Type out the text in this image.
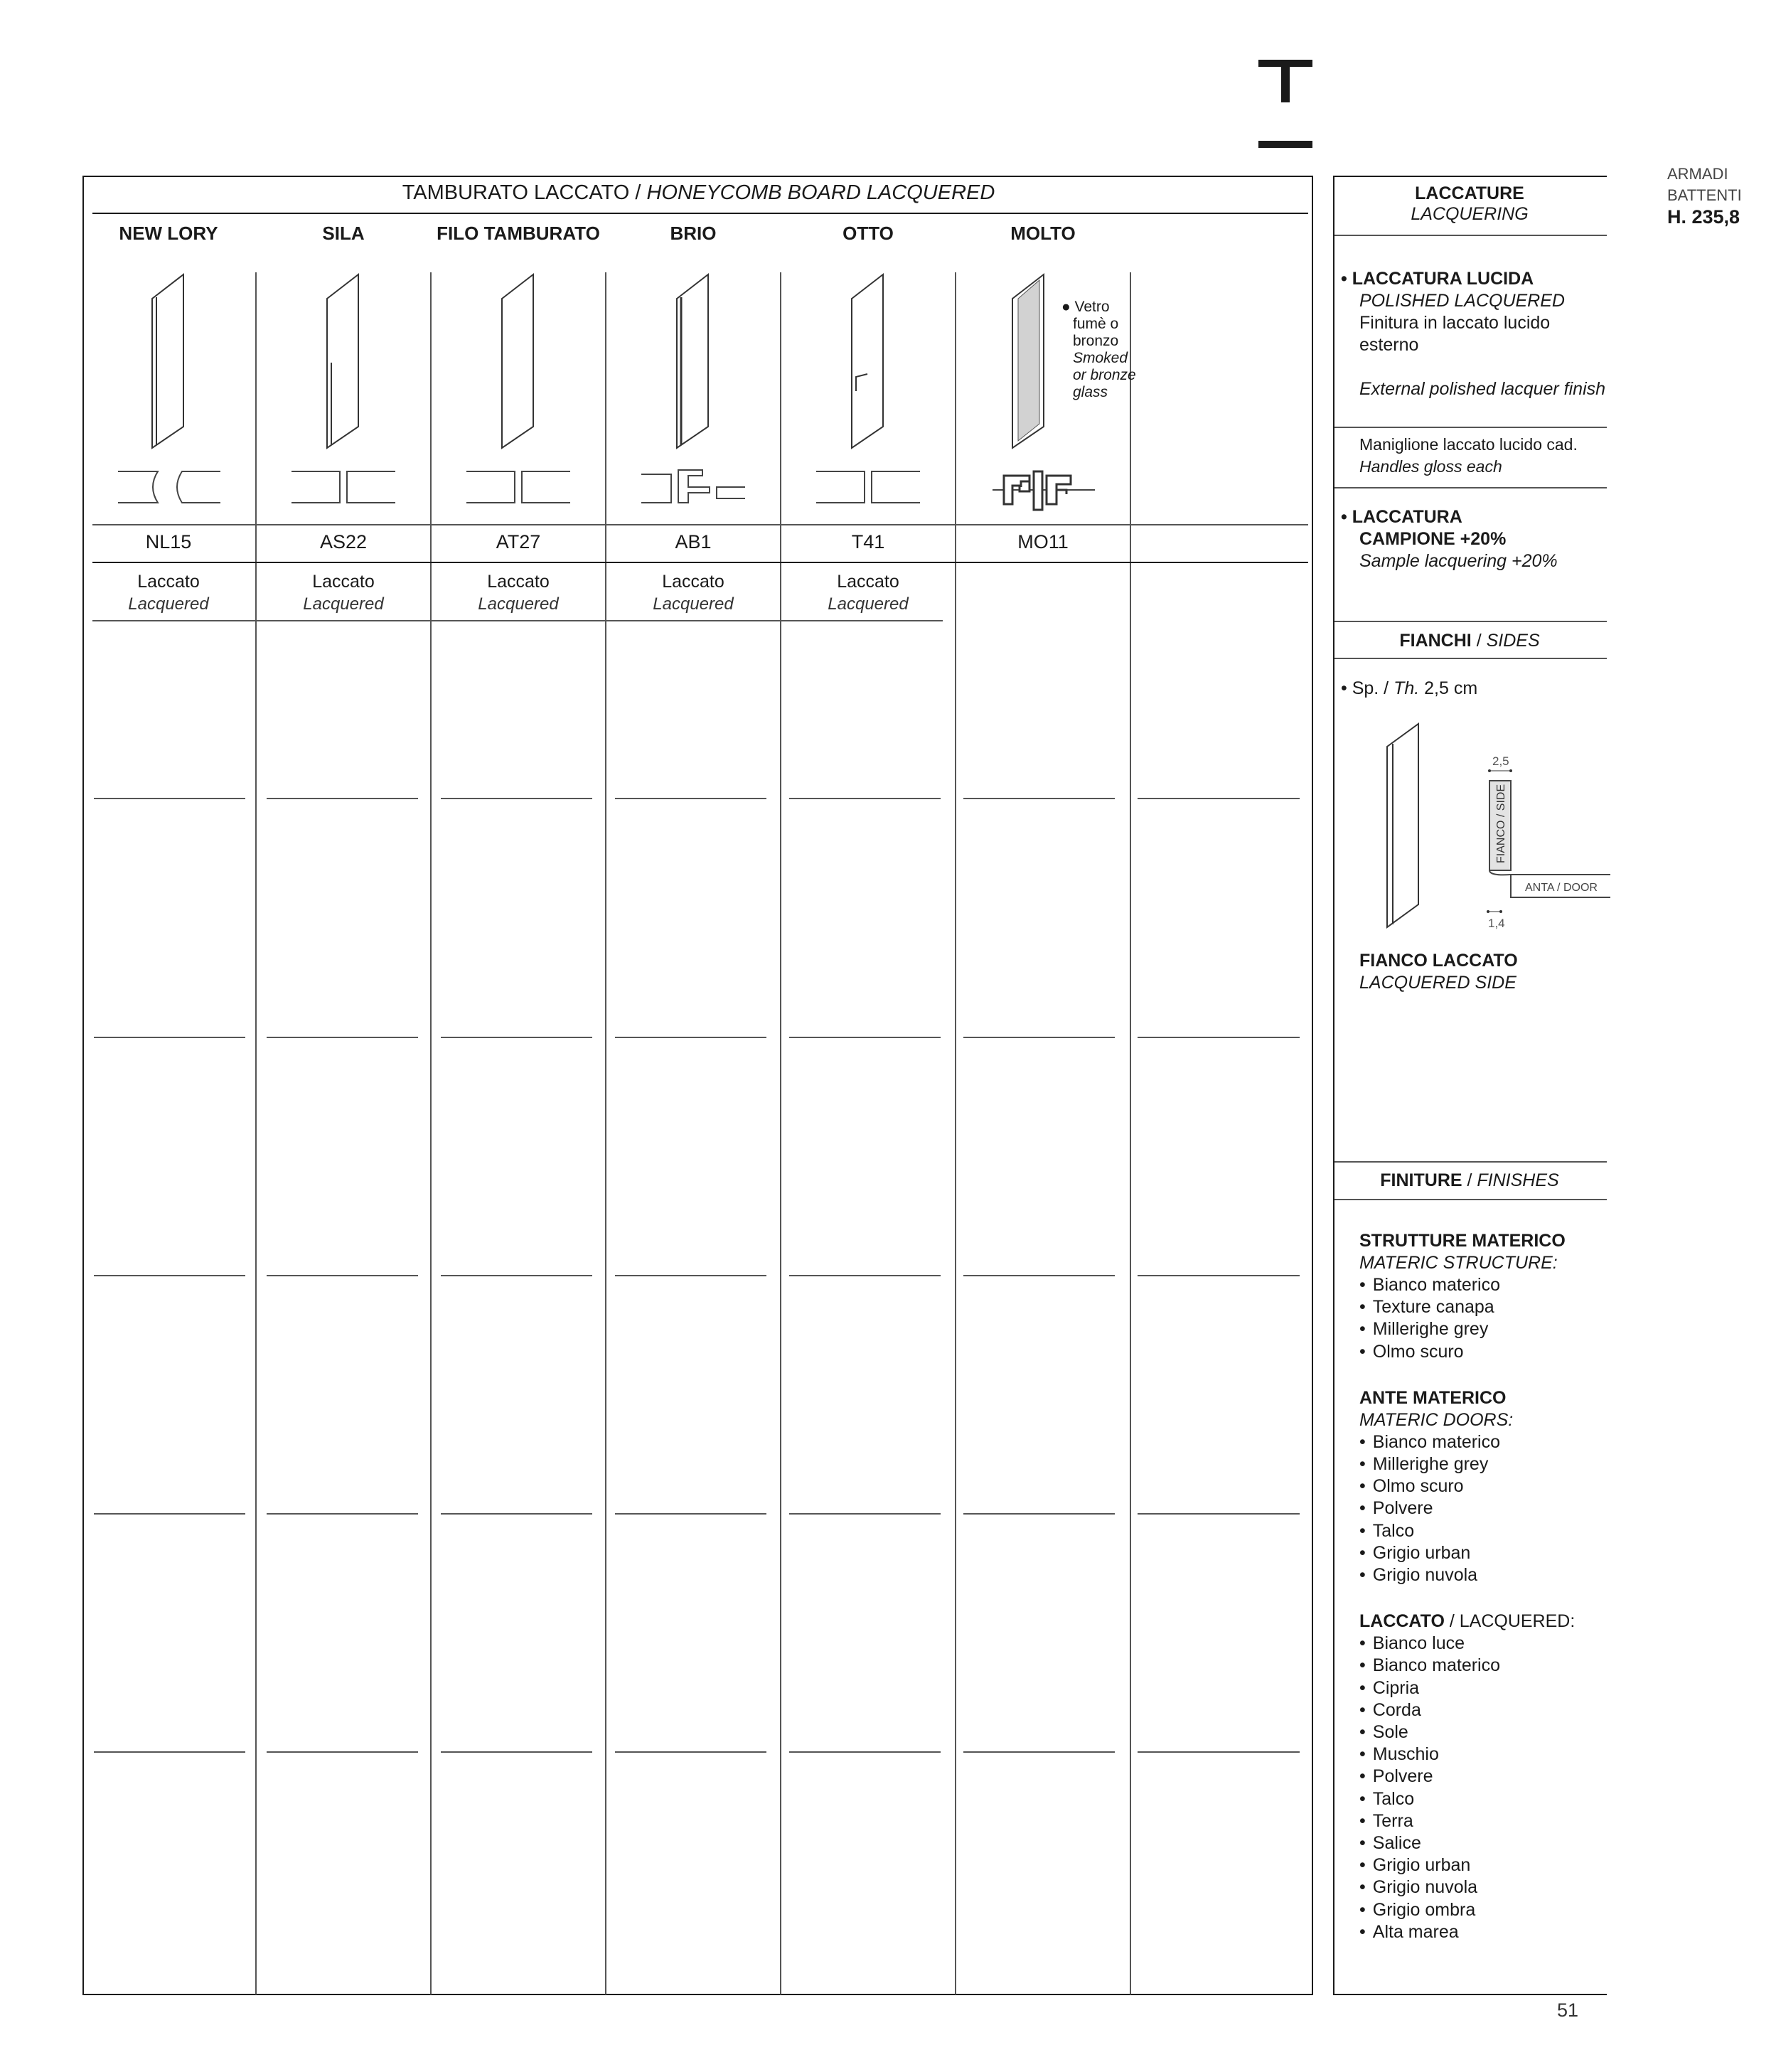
ARMADI
BATTENTI
H. 235,8
TAMBURATO LACCATO / HONEYCOMB BOARD LACQUERED
NEW LORY	SILA	FILO TAMBURATO	BRIO	OTTO	MOLTO
● Vetro
fumè o
bronzo
Smoked
or bronze
glass
NL15	AS22	AT27	AB1	T41	MO11
Laccato
Lacquered
Laccato
Lacquered
Laccato
Lacquered
Laccato
Lacquered
Laccato
Lacquered
LACCATURE
LACQUERING
• LACCATURA LUCIDA
POLISHED LACQUERED
Finitura in laccato lucido esterno
External polished lacquer finish
Maniglione laccato lucido cad.
Handles gloss each
• LACCATURA
CAMPIONE +20%
Sample lacquering +20%
FIANCHI / SIDES
• Sp. / Th. 2,5 cm
FIANCO / SIDE
2,5
ANTA / DOOR
1,4
FIANCO LACCATO
LACQUERED SIDE
FINITURE / FINISHES
STRUTTURE MATERICO
MATERIC STRUCTURE:
• Bianco materico
• Texture canapa
• Millerighe grey
• Olmo scuro
ANTE MATERICO
MATERIC DOORS:
• Bianco materico
• Millerighe grey
• Olmo scuro
• Polvere
• Talco
• Grigio urban
• Grigio nuvola
LACCATO / LACQUERED:
• Bianco luce
• Bianco materico
• Cipria
• Corda
• Sole
• Muschio
• Polvere
• Talco
• Terra
• Salice
• Grigio urban
• Grigio nuvola
• Grigio ombra
• Alta marea
51
